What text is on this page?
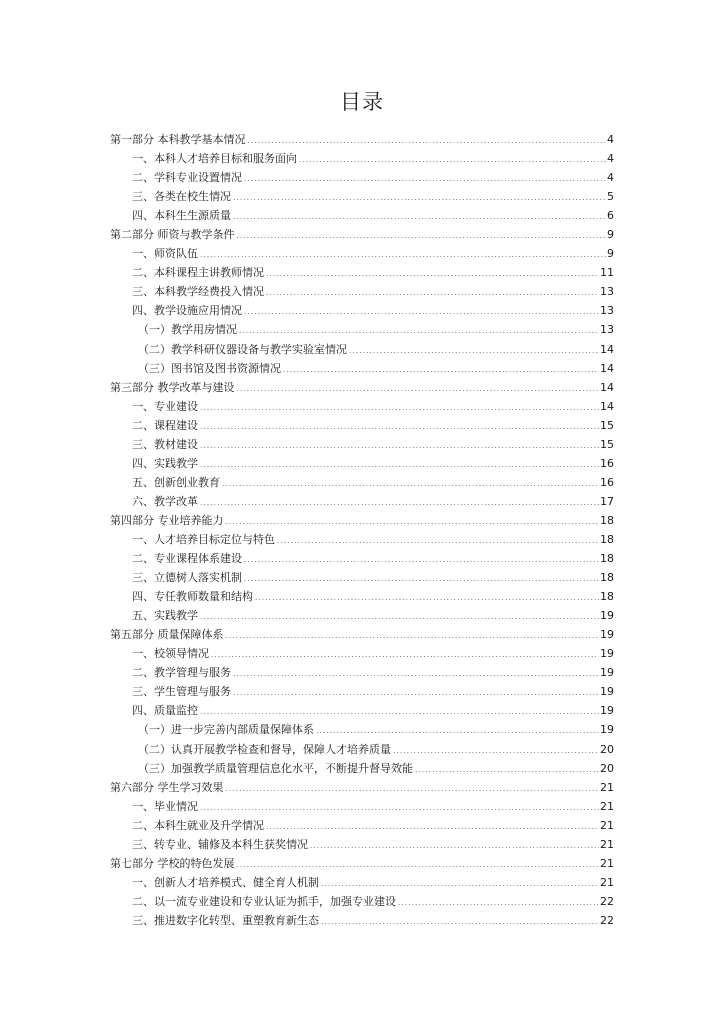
目录
第一部分 本科教学基本情况 .....	4
一、本科人才培养目标和服务面向 .....	4
二、学科专业设置情况 .....	4
三、各类在校生情况 .....	5
四、本科生生源质量 .....	6
第二部分 师资与教学条件 .....	9
一、师资队伍 .....	9
二、本科课程主讲教师情况 .....	11
三、本科教学经费投入情况 .....	13
四、教学设施应用情况 .....	13
（一）教学用房情况 .....	13
（二）教学科研仪器设备与教学实验室情况 .....	14
（三）图书馆及图书资源情况 .....	14
第三部分 教学改革与建设 .....	14
一、专业建设 .....	14
二、课程建设 .....	15
三、教材建设 .....	15
四、实践教学 .....	16
五、创新创业教育 .....	16
六、教学改革 .....	17
第四部分 专业培养能力 .....	18
一、人才培养目标定位与特色 .....	18
二、专业课程体系建设 .....	18
三、立德树人落实机制 .....	18
四、专任教师数量和结构 .....	18
五、实践教学 .....	19
第五部分 质量保障体系 .....	19
一、校领导情况 .....	19
二、教学管理与服务 .....	19
三、学生管理与服务 .....	19
四、质量监控 .....	19
（一）进一步完善内部质量保障体系 .....	19
（二）认真开展教学检查和督导，保障人才培养质量 .....	20
（三）加强教学质量管理信息化水平，不断提升督导效能 .....	20
第六部分 学生学习效果 .....	21
一、毕业情况 .....	21
二、本科生就业及升学情况 .....	21
三、转专业、辅修及本科生获奖情况 .....	21
第七部分 学校的特色发展 .....	21
一、创新人才培养模式、健全育人机制 .....	21
二、以一流专业建设和专业认证为抓手，加强专业建设 .....	22
三、推进数字化转型、重塑教育新生态 .....	22
